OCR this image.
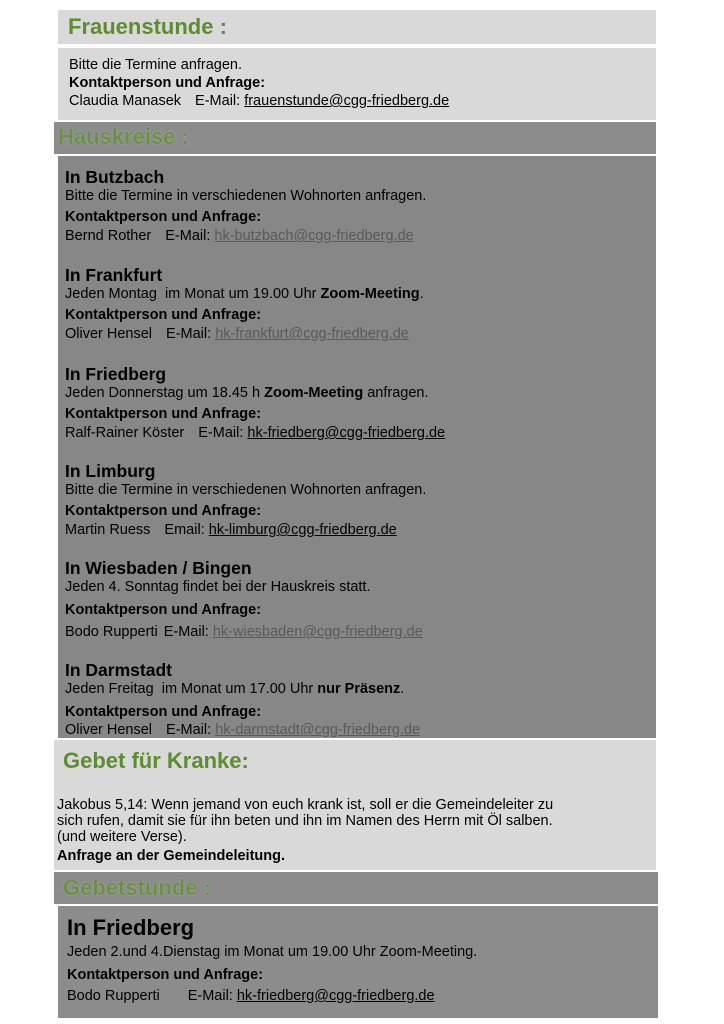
Frauenstunde :
Bitte die Termine anfragen.
Kontaktperson und Anfrage:
Claudia Manasek E-Mail: frauenstunde@cgg-friedberg.de
Hauskreise :
In Butzbach
Bitte die Termine in verschiedenen Wohnorten anfragen.
Kontaktperson und Anfrage:
Bernd Rother E-Mail: hk-butzbach@cgg-friedberg.de
In Frankfurt
Jeden Montag  im Monat um 19.00 Uhr Zoom-Meeting.
Kontaktperson und Anfrage:
Oliver Hensel E-Mail: hk-frankfurt@cgg-friedberg.de
In Friedberg
Jeden Donnerstag um 18.45 h Zoom-Meeting anfragen.
Kontaktperson und Anfrage:
Ralf-Rainer Köster E-Mail: hk-friedberg@cgg-friedberg.de
In Limburg
Bitte die Termine in verschiedenen Wohnorten anfragen.
Kontaktperson und Anfrage:
Martin Ruess Email: hk-limburg@cgg-friedberg.de
In Wiesbaden / Bingen
Jeden 4. Sonntag findet bei der Hauskreis statt.
Kontaktperson und Anfrage:
Bodo Rupperti E-Mail: hk-wiesbaden@cgg-friedberg.de
In Darmstadt
Jeden Freitag  im Monat um 17.00 Uhr nur Präsenz.
Kontaktperson und Anfrage:
Oliver Hensel E-Mail: hk-darmstadt@cgg-friedberg.de
Gebet für Kranke:
Jakobus 5,14: Wenn jemand von euch krank ist, soll er die Gemeindeleiter zu
sich rufen, damit sie für ihn beten und ihn im Namen des Herrn mit Öl salben.
(und weitere Verse).
Anfrage an der Gemeindeleitung.
Gebetstunde :
In Friedberg
Jeden 2.und 4.Dienstag im Monat um 19.00 Uhr Zoom-Meeting.
Kontaktperson und Anfrage:
Bodo Rupperti E-Mail: hk-friedberg@cgg-friedberg.de
